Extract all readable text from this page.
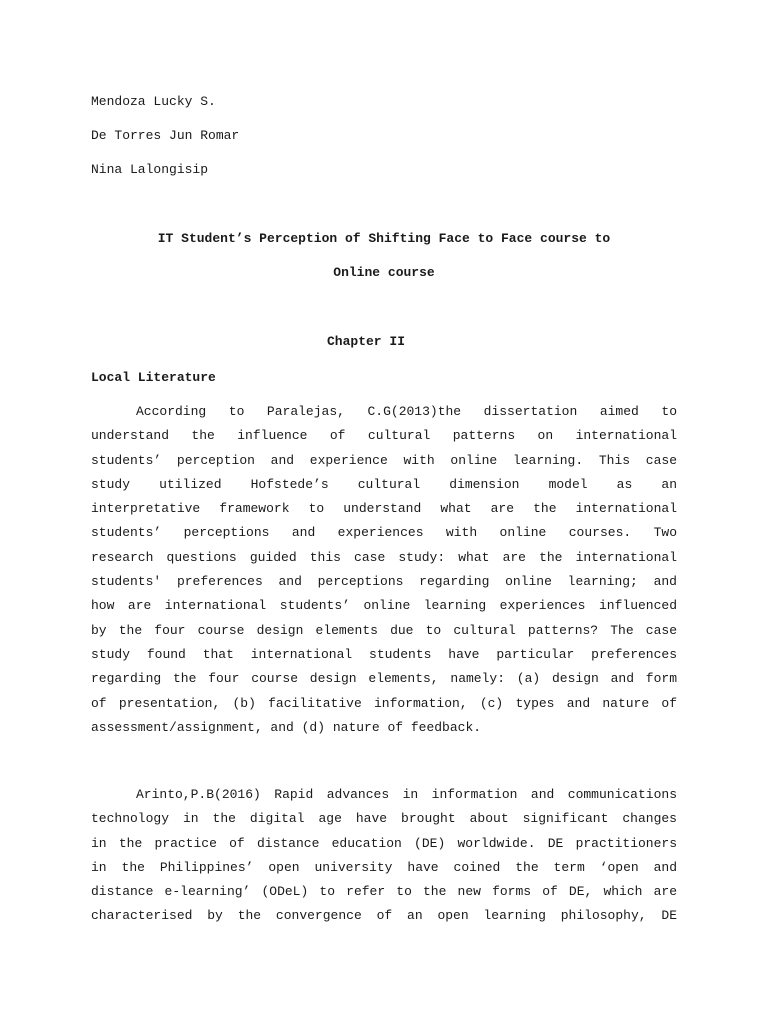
Mendoza Lucky S.
De Torres Jun Romar
Nina Lalongisip
IT Student’s Perception of Shifting Face to Face course to
Online course
Chapter II
Local Literature
According to Paralejas, C.G(2013)the dissertation aimed to
understand the influence of cultural patterns on international
students’ perception and experience with online learning. This case
study utilized Hofstede’s cultural dimension model as an
interpretative framework to understand what are the international
students’ perceptions and experiences with online courses. Two
research questions guided this case study: what are the international
students' preferences and perceptions regarding online learning; and
how are international students’ online learning experiences influenced
by the four course design elements due to cultural patterns? The case
study found that international students have particular preferences
regarding the four course design elements, namely: (a) design and form
of presentation, (b) facilitative information, (c) types and nature of
assessment/assignment, and (d) nature of feedback.
Arinto,P.B(2016) Rapid advances in information and communications
technology in the digital age have brought about significant changes
in the practice of distance education (DE) worldwide. DE practitioners
in the Philippines’ open university have coined the term ‘open and
distance e-learning’ (ODeL) to refer to the new forms of DE, which are
characterised by the convergence of an open learning philosophy, DE
